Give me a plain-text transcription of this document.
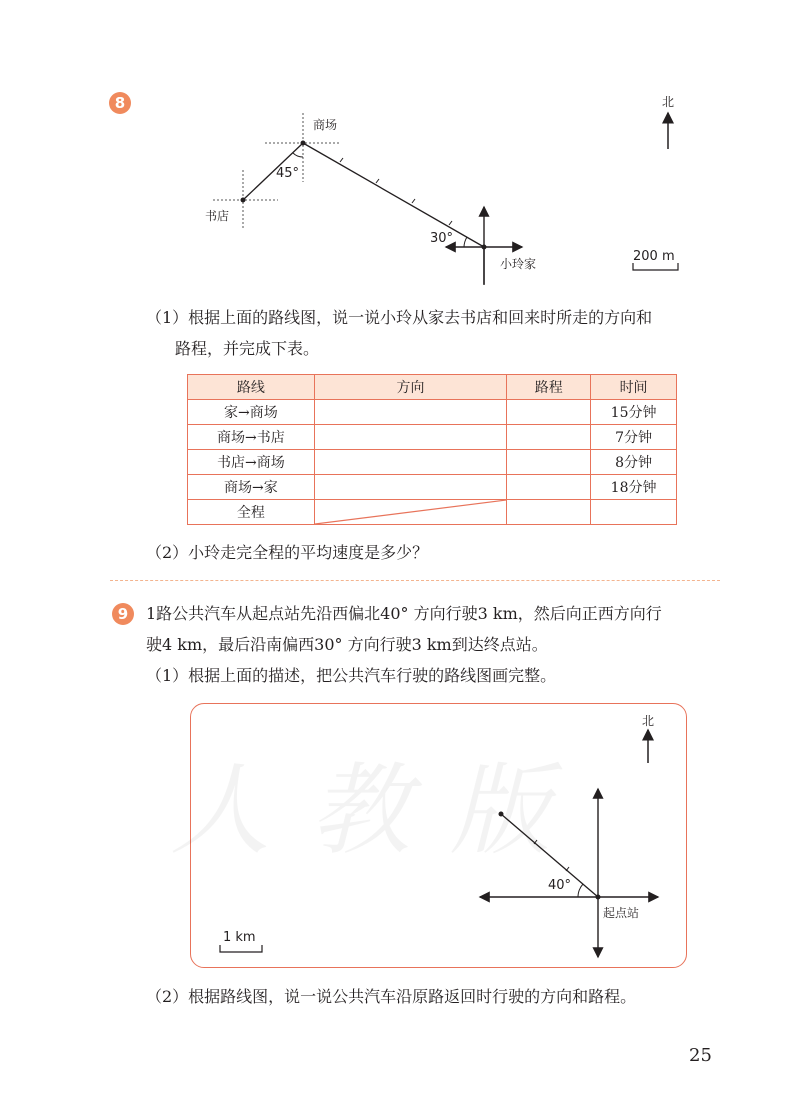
8
商场
书店
小玲家
45°
30°
北
200 m
（1）根据上面的路线图，说一说小玲从家去书店和回来时所走的方向和
路程，并完成下表。
路线	方向	路程	时间
家→商场			15分钟
商场→书店			7分钟
书店→商场			8分钟
商场→家			18分钟
全程	

（2）小玲走完全程的平均速度是多少？
9	1路公共汽车从起点站先沿西偏北40° 方向行驶3 km，然后向正西方向行
驶4 km，最后沿南偏西30° 方向行驶3 km到达终点站。
（1）根据上面的描述，把公共汽车行驶的路线图画完整。
北
40°
起点站
1 km
（2）根据路线图，说一说公共汽车沿原路返回时行驶的方向和路程。
25
